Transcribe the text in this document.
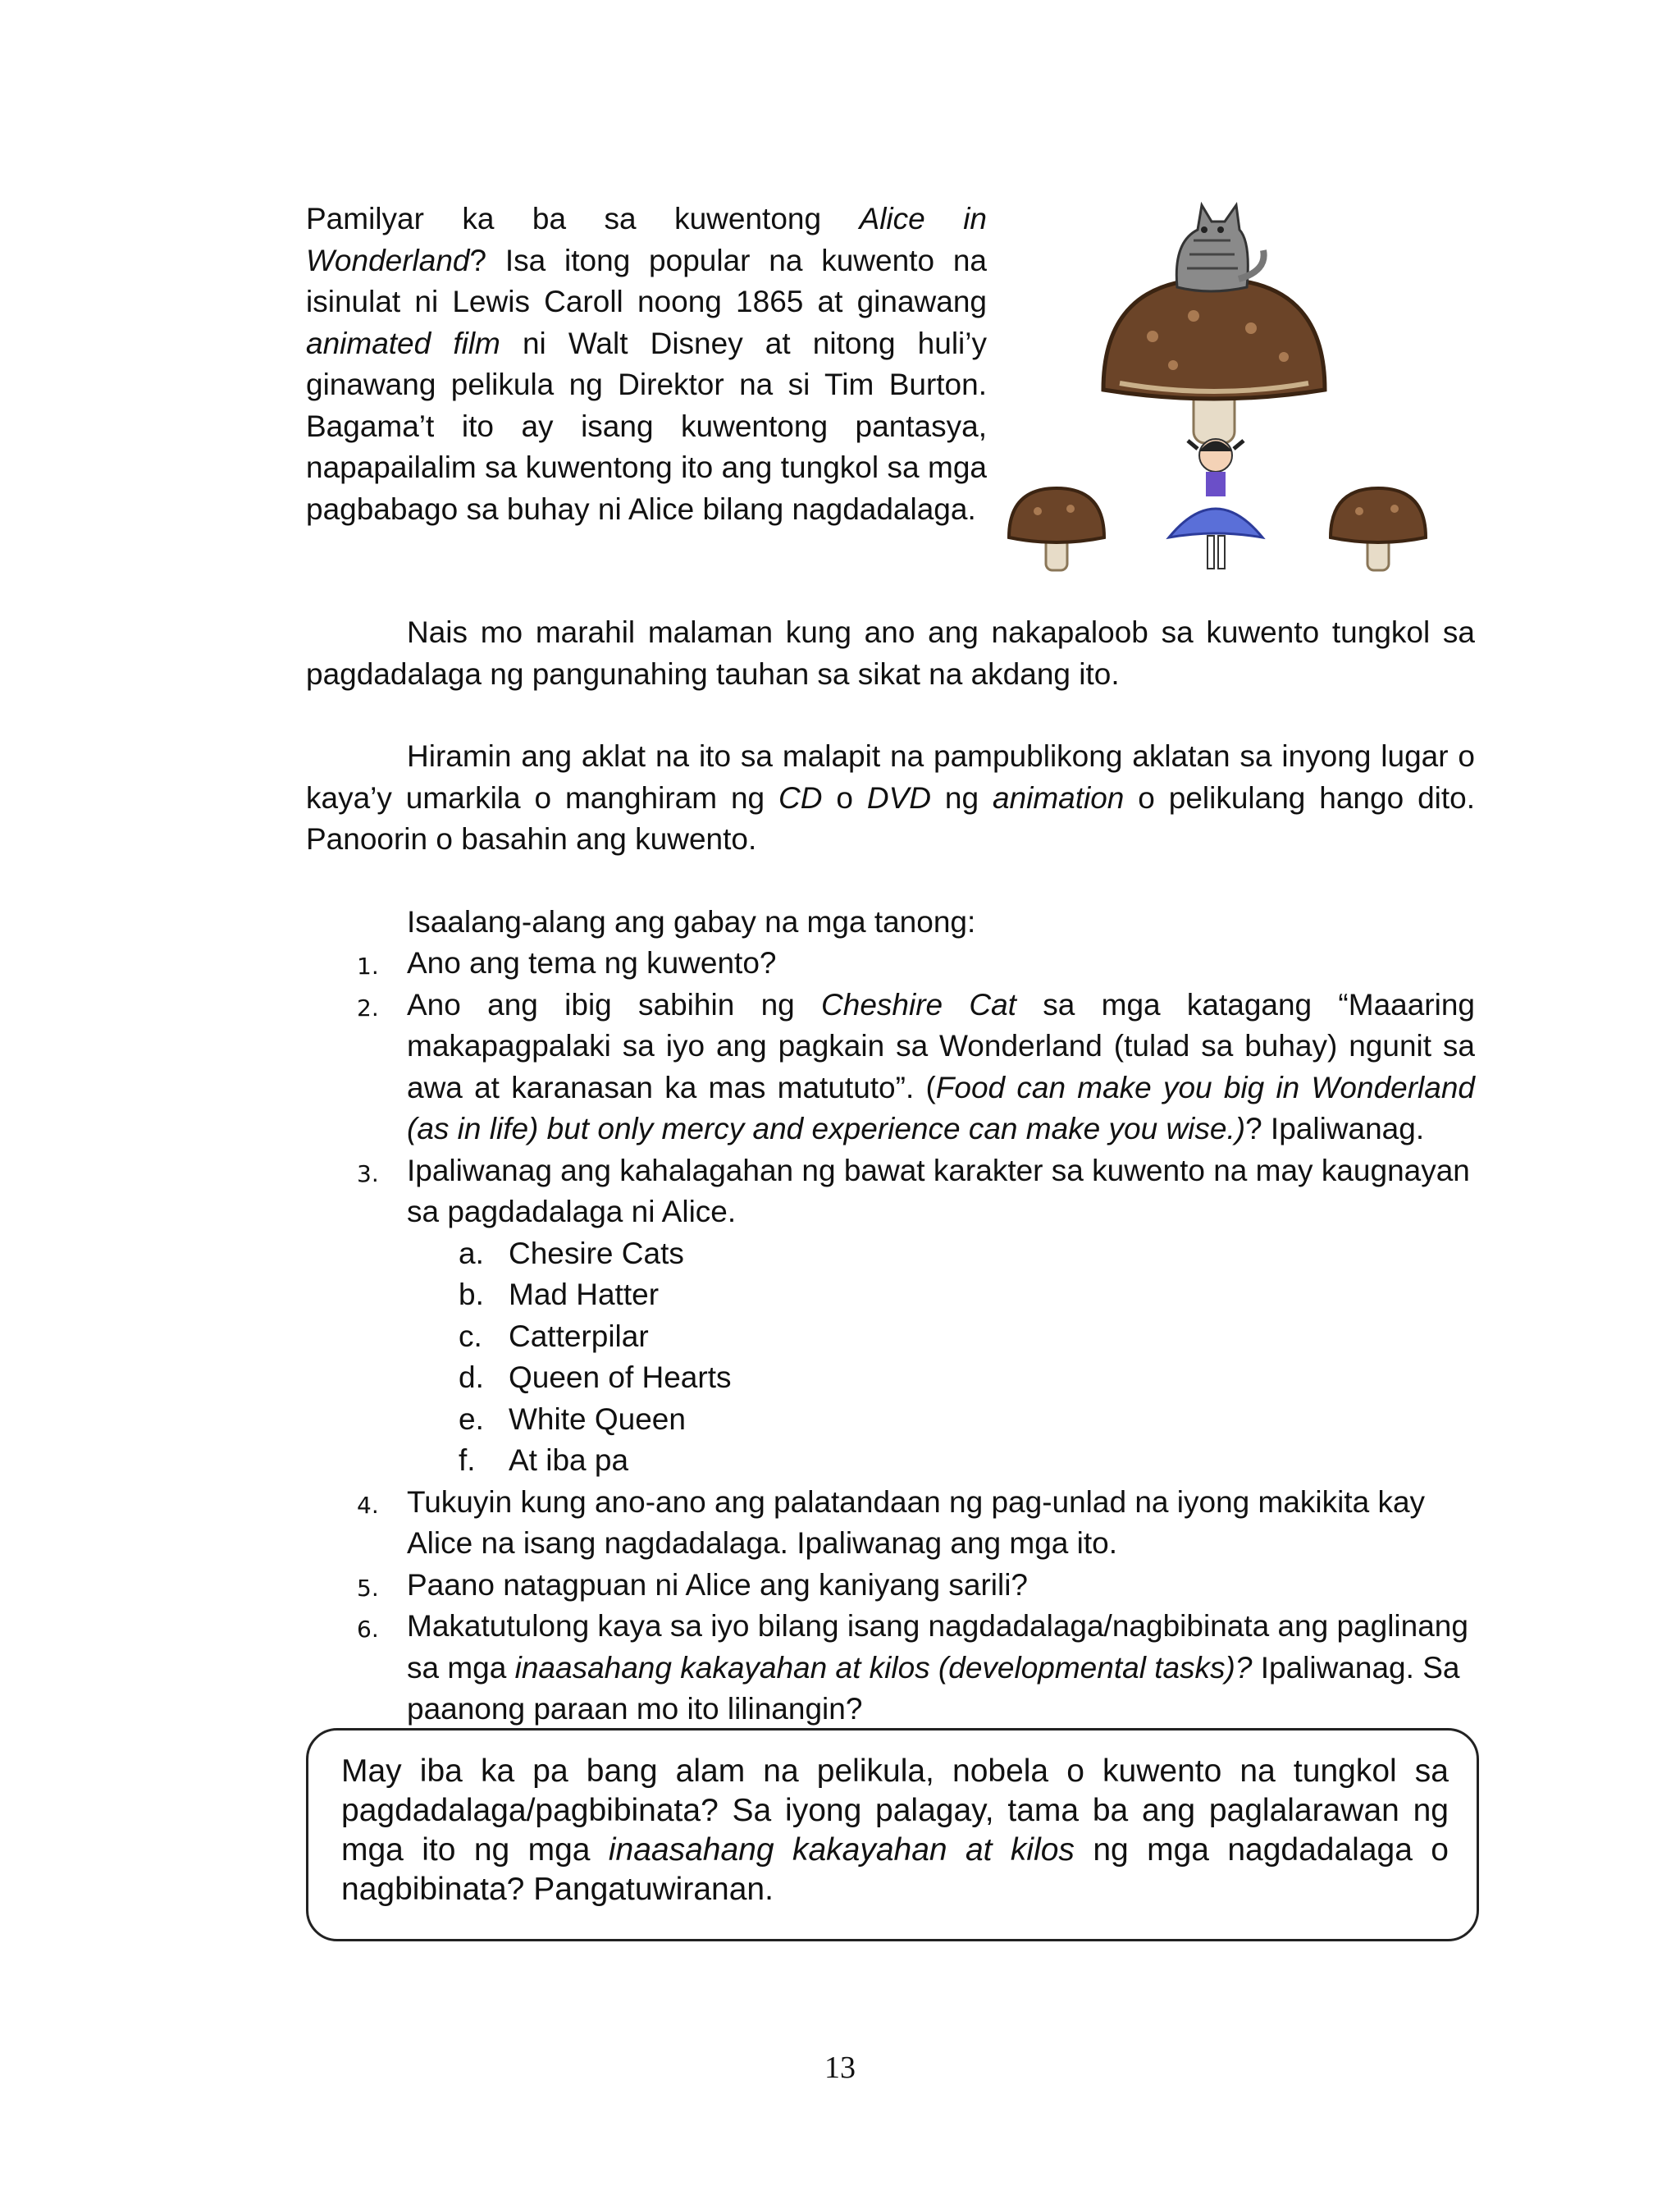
Pamilyar ka ba sa kuwentong Alice in Wonderland? Isa itong popular na kuwento na isinulat ni Lewis Caroll noong 1865 at ginawang animated film ni Walt Disney at nitong huli’y ginawang pelikula ng Direktor na si Tim Burton. Bagama’t ito ay isang kuwentong pantasya, napapailalim sa kuwentong ito ang tungkol sa mga pagbabago sa buhay ni Alice bilang nagdadalaga.

Nais mo marahil malaman kung ano ang nakapaloob sa kuwento tungkol sa pagdadalaga ng pangunahing tauhan sa sikat na akdang ito.

Hiramin ang aklat na ito sa malapit na pampublikong aklatan sa inyong lugar o kaya’y umarkila o manghiram ng CD o DVD ng animation o pelikulang hango dito. Panoorin o basahin ang kuwento.

Isaalang-alang ang gabay na mga tanong:

1. Ano ang tema ng kuwento?
2. Ano ang ibig sabihin ng Cheshire Cat sa mga katagang “Maaaring makapagpalaki sa iyo ang pagkain sa Wonderland (tulad sa buhay) ngunit sa awa at karanasan ka mas matututo”. (Food can make you big in Wonderland (as in life) but only mercy and experience can make you wise.)? Ipaliwanag.
3. Ipaliwanag ang kahalagahan ng bawat karakter sa kuwento na may kaugnayan sa pagdadalaga ni Alice.
a. Chesire Cats
b. Mad Hatter
c. Catterpilar
d. Queen of Hearts
e. White Queen
f. At iba pa
4. Tukuyin kung ano-ano ang palatandaan ng pag-unlad na iyong makikita kay Alice na isang nagdadalaga. Ipaliwanag ang mga ito.
5. Paano natagpuan ni Alice ang kaniyang sarili?
6. Makatutulong kaya sa iyo bilang isang nagdadalaga/nagbibinata ang paglinang sa mga inaasahang kakayahan at kilos (developmental tasks)? Ipaliwanag. Sa paanong paraan mo ito lilinangin?

May iba ka pa bang alam na pelikula, nobela o kuwento na tungkol sa pagdadalaga/pagbibinata? Sa iyong palagay, tama ba ang paglalarawan ng mga ito ng mga inaasahang kakayahan at kilos ng mga nagdadalaga o nagbibinata? Pangatuwiranan.

13
